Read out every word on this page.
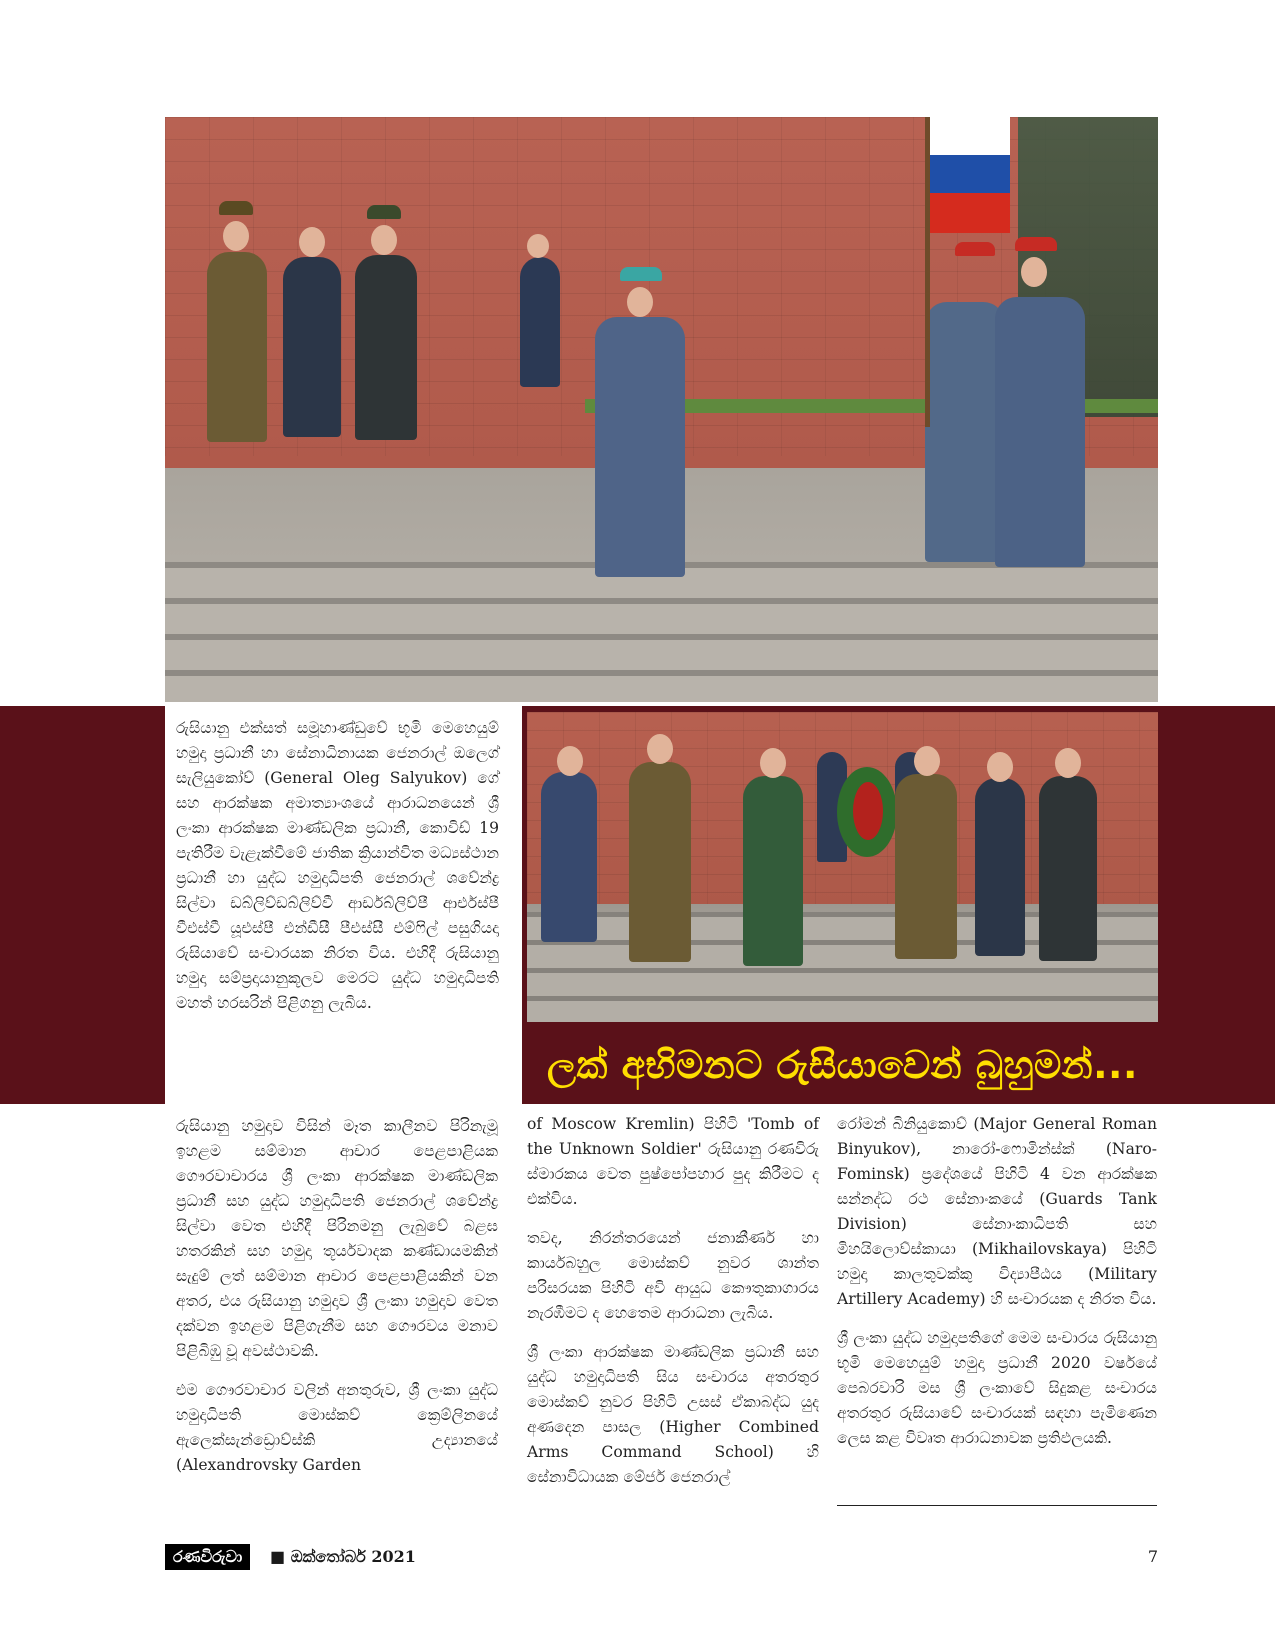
රුසියානු එක්සත් සමූහාණ්ඩුවේ භූමි මෙහෙයුම් හමුදා ප්‍රධානී හා සේනාධිනායක ජෙනරාල් ඔලෙග් සැලියුකෝව් (General Oleg Salyukov) ගේ සහ ආරක්ෂක අමාත්‍යාංශයේ ආරාධනයෙන් ශ්‍රී ලංකා ආරක්ෂක මාණ්ඩලික ප්‍රධානී, කොවිඩ් 19 පැතිරීම වැළැක්වීමේ ජාතික ක්‍රියාන්විත මධ්‍යස්ථාන ප්‍රධානී හා යුද්ධ හමුදාධිපති ජෙනරාල් ශවේන්ද්‍ර සිල්වා ඩබ්ලිව්ඩබ්ලිව්වී ආර්ඩබ්ලිව්පී ආර්එස්පී වීඑස්වී යූඑස්පී එන්ඩීසී පීඑස්සී එම්ෆිල් පසුගියදා රුසියාවේ සංචාරයක නිරත විය. එහිදී රුසියානු හමුදා සම්ප්‍රදායානුකූලව මෙරට යුද්ධ හමුදාධිපති මහත් හරසරින් පිළිගනු ලැබිය.

ලක් අභිමනට රුසියාවෙන් බුහුමන්...

රුසියානු හමුදාව විසින් මෑත කාලීනව පිරිනැමූ ඉහළම සම්මාන ආචාර පෙළපාළියක ගෞරවාචාරය ශ්‍රී ලංකා ආරක්ෂක මාණ්ඩලික ප්‍රධානී සහ යුද්ධ හමුදාධිපති ජෙනරාල් ශවේන්ද්‍ර සිල්වා වෙත එහිදී පිරිනමනු ලැබුවේ බළඝ හතරකින් සහ හමුදා තූර්යවාදක කණ්ඩායමකින් සැදුම් ලත් සම්මාන ආචාර පෙළපාළියකින් වන අතර, එය රුසියානු හමුදාව ශ්‍රී ලංකා හමුදාව වෙත දක්වන ඉහළම පිළිගැනීම සහ ගෞරවය මනාව පිළිබිඹු වූ අවස්ථාවකි.

එම ගෞරවාචාර වලින් අනතුරුව, ශ්‍රී ලංකා යුද්ධ හමුදාධිපති මොස්කව් ක්‍රෙම්ලිනයේ ඇලෙක්සැන්ඩ්‍රොව්ස්කි උද්‍යානයේ (Alexandrovsky Garden

of Moscow Kremlin) පිහිටි 'Tomb of the Unknown Soldier' රුසියානු රණවිරු ස්මාරකය වෙත පුෂ්පෝපහාර පුද කිරීමට ද එක්විය.

තවද, නිරන්තරයෙන් ජනාකීර්ණ හා කාර්යබහුල මොස්කව් නුවර ශාන්ත පරිසරයක පිහිටි අවි ආයුධ කෞතුකාගාරය නැරඹීමට ද හෙතෙම ආරාධනා ලැබිය.

ශ්‍රී ලංකා ආරක්ෂක මාණ්ඩලික ප්‍රධානී සහ යුද්ධ හමුදාධිපති සිය සංචාරය අතරතුර මොස්කව් නුවර පිහිටි උසස් ඒකාබද්ධ යුද අණදෙන පාසල (Higher Combined Arms Command School) හි සේනාවිධායක මේජර් ජෙනරාල්

රෝමන් බිනියුකොව් (Major General Roman Binyukov), නාරෝ-ෆොමින්ස්ක් (Naro-Fominsk) ප්‍රදේශයේ පිහිටි 4 වන ආරක්ෂක සන්නද්ධ රථ සේනාංකයේ (Guards Tank Division) සේනාංකාධිපති සහ මිහයිලොව්ස්කායා (Mikhailovskaya) පිහිටි හමුදා කාලතුවක්කු විද්‍යාපීඨය (Military Artillery Academy) හි සංචාරයක ද නිරත විය.

ශ්‍රී ලංකා යුද්ධ හමුදාපතිගේ මෙම සංචාරය රුසියානු භූමි මෙහෙයුම් හමුදා ප්‍රධානී 2020 වර්ෂයේ පෙබරවාරි මස ශ්‍රී ලංකාවේ සිදුකළ සංචාරය අතරතුර රුසියාවේ සංචාරයක් සඳහා පැමිණෙන ලෙස කළ විවෘත ආරාධනාවක ප්‍රතිඵලයකි.

රණවිරුවා	■ ඔක්තෝබර් 2021	7
